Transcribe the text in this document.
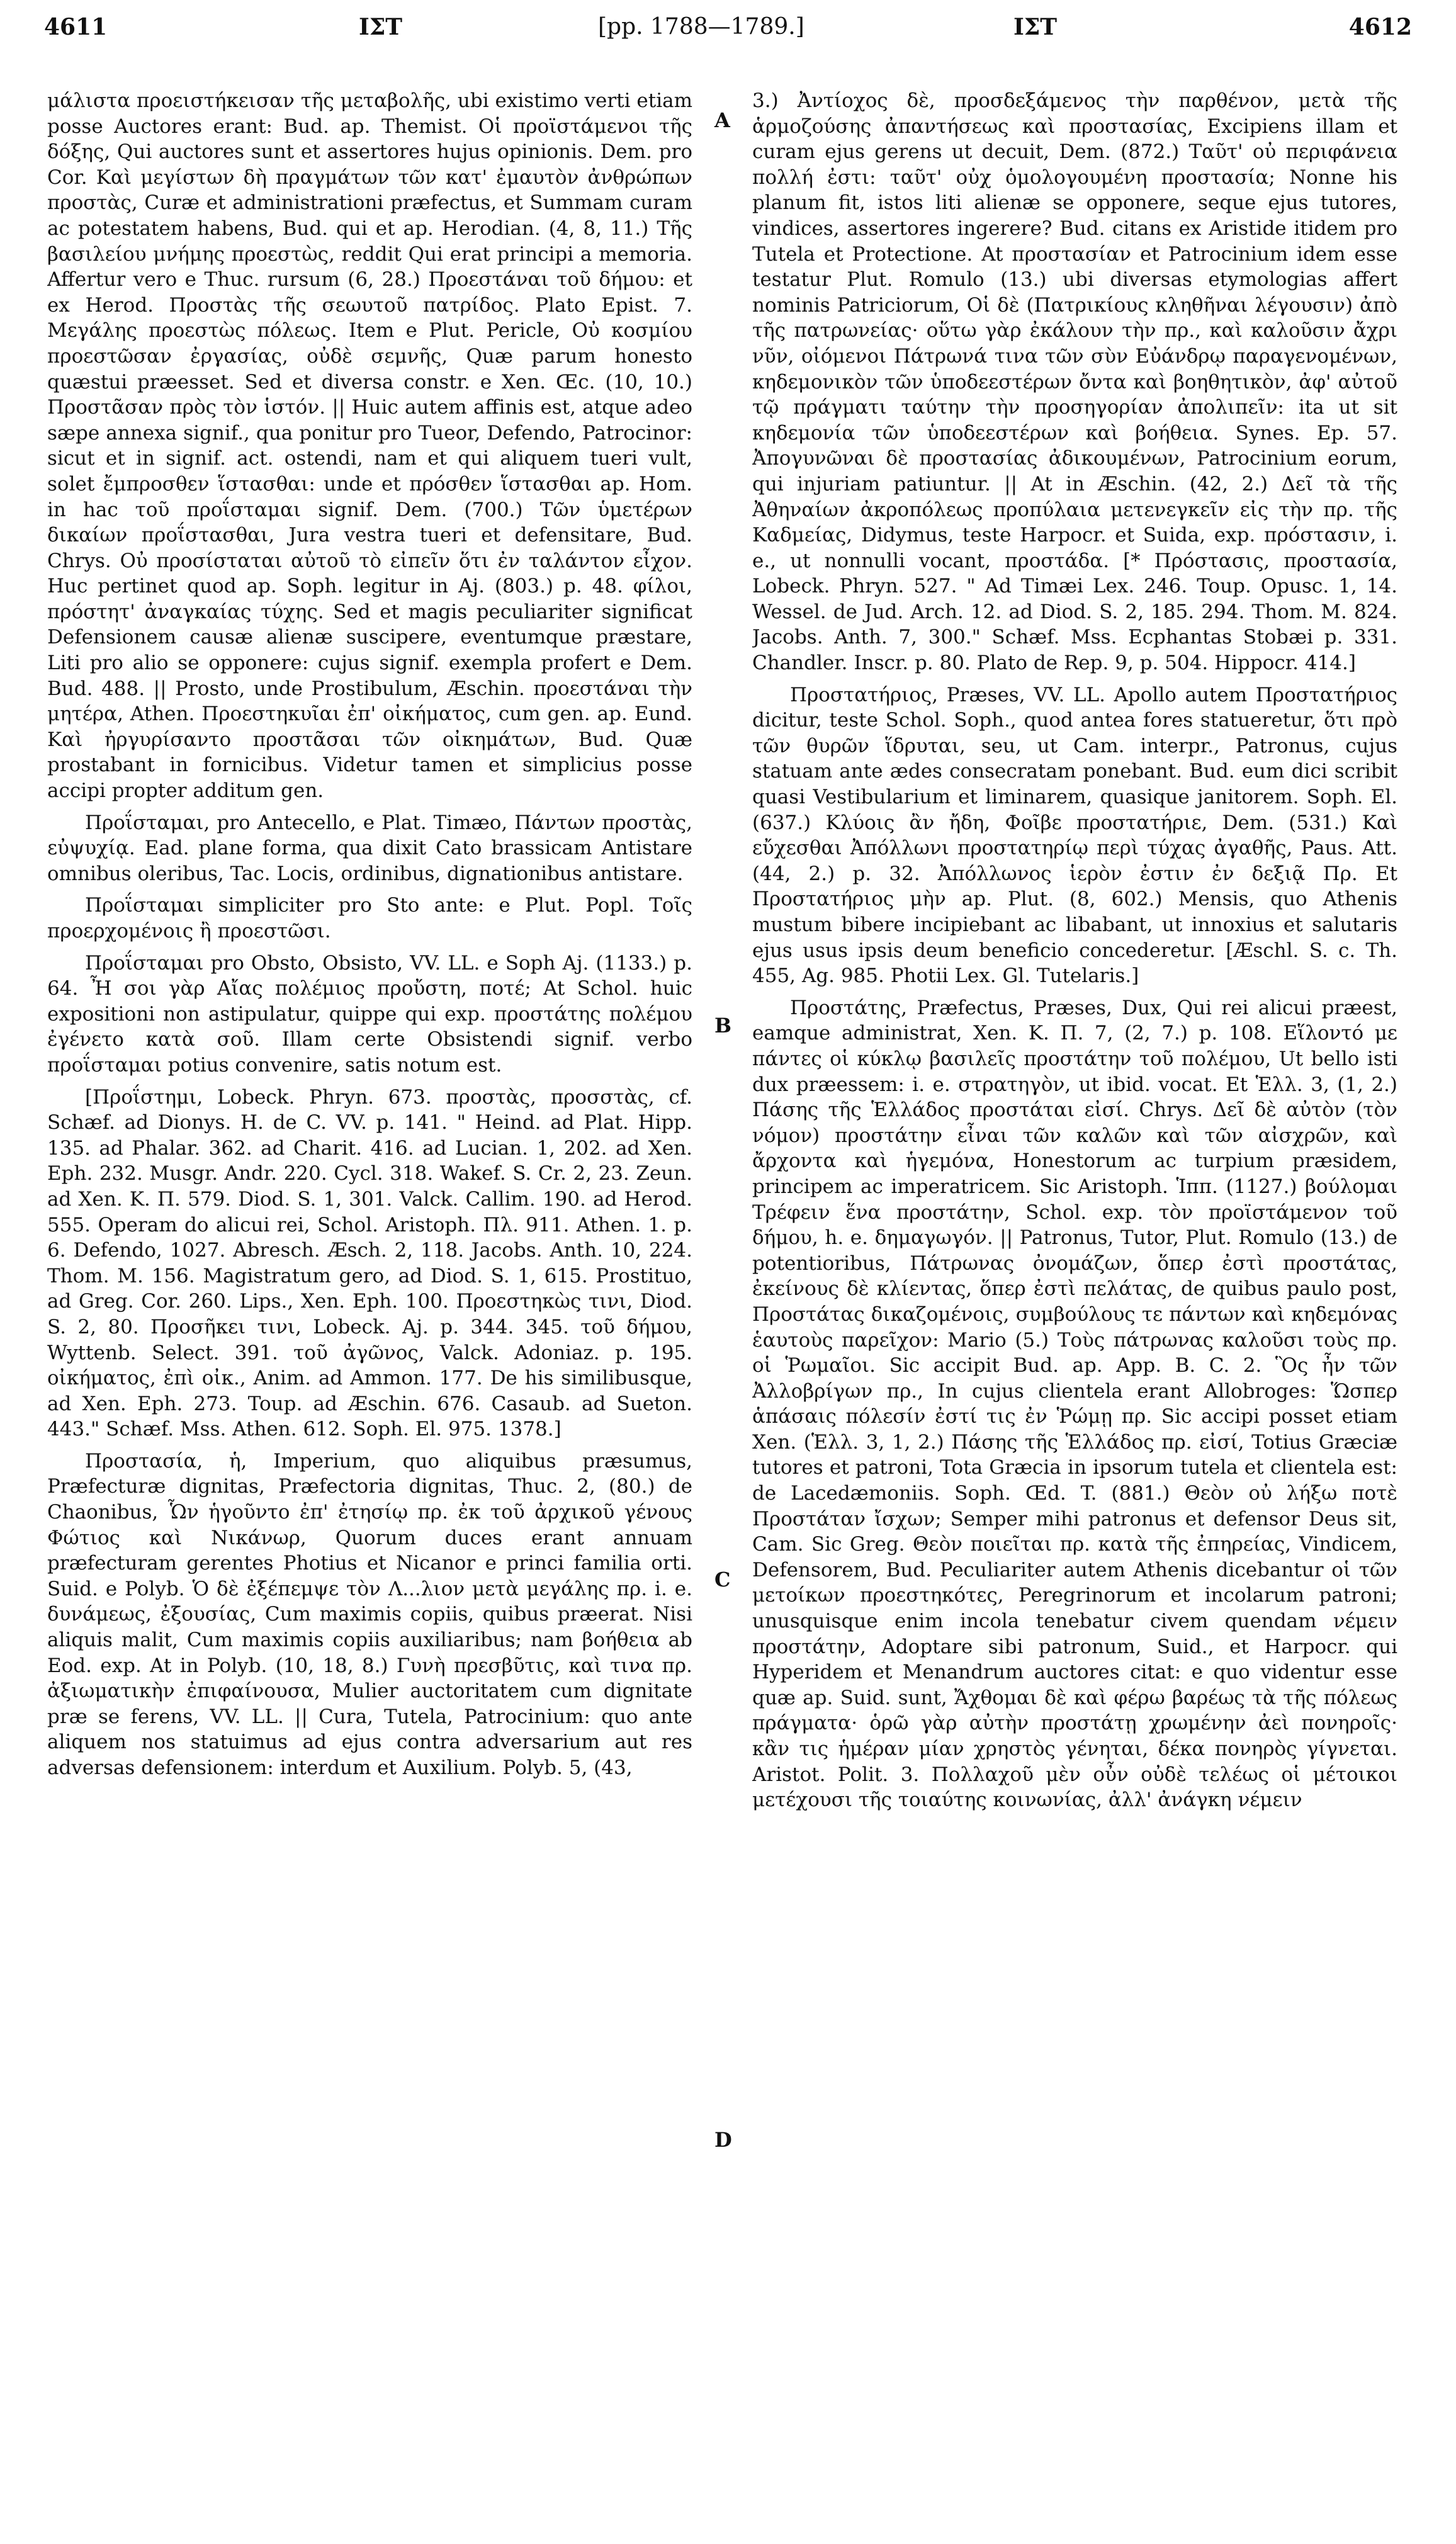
4611	ΙΣΤ	[pp. 1788—1789.]	ΙΣΤ	4612

μάλιστα προειστήκεισαν τῆς μεταβολῆς, ubi existimo verti etiam posse Auctores erant: Bud. ap. Themist. Οἱ προϊστάμενοι τῆς δόξης, Qui auctores sunt et assertores hujus opinionis. Dem. pro Cor. Καὶ μεγίστων δὴ πραγμάτων τῶν κατ' ἐμαυτὸν ἀνθρώπων προστὰς, Curæ et administrationi præfectus, et Summam curam ac potestatem habens, Bud. qui et ap. Herodian. (4, 8, 11.) Τῆς βασιλείου μνήμης προεστὼς, reddit Qui erat principi a memoria. Affertur vero e Thuc. rursum (6, 28.) Προεστάναι τοῦ δήμου: et ex Herod. Προστὰς τῆς σεωυτοῦ πατρίδος. Plato Epist. 7. Μεγάλης προεστὼς πόλεως. Item e Plut. Pericle, Οὐ κοσμίου προεστῶσαν ἐργασίας, οὐδὲ σεμνῆς, Quæ parum honesto quæstui præesset. Sed et diversa constr. e Xen. Œc. (10, 10.) Προστᾶσαν πρὸς τὸν ἱστόν. || Huic autem affinis est, atque adeo sæpe annexa signif., qua ponitur pro Tueor, Defendo, Patrocinor: sicut et in signif. act. ostendi, nam et qui aliquem tueri vult, solet ἔμπροσθεν ἵστασθαι: unde et πρόσθεν ἵστασθαι ap. Hom. in hac τοῦ προΐσταμαι signif. Dem. (700.) Τῶν ὑμετέρων δικαίων προΐστασθαι, Jura vestra tueri et defensitare, Bud. Chrys. Οὐ προσίσταται αὐτοῦ τὸ εἰπεῖν ὅτι ἐν ταλάντον εἶχον. Huc pertinet quod ap. Soph. legitur in Aj. (803.) p. 48. φίλοι, πρόστητ' ἀναγκαίας τύχης. Sed et magis peculiariter significat Defensionem causæ alienæ suscipere, eventumque præstare, Liti pro alio se opponere: cujus signif. exempla profert e Dem. Bud. 488. || Prosto, unde Prostibulum, Æschin. προεστάναι τὴν μητέρα, Athen. Προεστηκυῖαι ἐπ' οἰκήματος, cum gen. ap. Eund. Καὶ ἠργυρίσαντο προστᾶσαι τῶν οἰκημάτων, Bud. Quæ prostabant in fornicibus. Videtur tamen et simplicius posse accipi propter additum gen.

Προΐσταμαι, pro Antecello, e Plat. Timæo, Πάντων προστὰς, εὐψυχίᾳ. Ead. plane forma, qua dixit Cato brassicam Antistare omnibus oleribus, Tac. Locis, ordinibus, dignationibus antistare.

Προΐσταμαι simpliciter pro Sto ante: e Plut. Popl. Τοῖς προερχομένοις ἢ προεστῶσι.

Προΐσταμαι pro Obsto, Obsisto, VV. LL. e Soph Aj. (1133.) p. 64. Ἦ σοι γὰρ Αἴας πολέμιος προὔστη, ποτέ; At Schol. huic expositioni non astipulatur, quippe qui exp. προστάτης πολέμου ἐγένετο κατὰ σοῦ. Illam certe Obsistendi signif. verbo προΐσταμαι potius convenire, satis notum est.

[Προΐστημι, Lobeck. Phryn. 673. προστὰς, προσστὰς, cf. Schæf. ad Dionys. H. de C. VV. p. 141. " Heind. ad Plat. Hipp. 135. ad Phalar. 362. ad Charit. 416. ad Lucian. 1, 202. ad Xen. Eph. 232. Musgr. Andr. 220. Cycl. 318. Wakef. S. Cr. 2, 23. Zeun. ad Xen. K. Π. 579. Diod. S. 1, 301. Valck. Callim. 190. ad Herod. 555. Operam do alicui rei, Schol. Aristoph. Πλ. 911. Athen. 1. p. 6. Defendo, 1027. Abresch. Æsch. 2, 118. Jacobs. Anth. 10, 224. Thom. M. 156. Magistratum gero, ad Diod. S. 1, 615. Prostituo, ad Greg. Cor. 260. Lips., Xen. Eph. 100. Προεστηκὼς τινι, Diod. S. 2, 80. Προσῆκει τινι, Lobeck. Aj. p. 344. 345. τοῦ δήμου, Wyttenb. Select. 391. τοῦ ἀγῶνος, Valck. Adoniaz. p. 195. οἰκήματος, ἐπὶ οἰκ., Anim. ad Ammon. 177. De his similibusque, ad Xen. Eph. 273. Toup. ad Æschin. 676. Casaub. ad Sueton. 443." Schæf. Mss. Athen. 612. Soph. El. 975. 1378.]

Προστασία, ἡ, Imperium, quo aliquibus præsumus, Præfecturæ dignitas, Præfectoria dignitas, Thuc. 2, (80.) de Chaonibus, Ὧν ἡγοῦντο ἐπ' ἐτησίῳ πρ. ἐκ τοῦ ἀρχικοῦ γένους Φώτιος καὶ Νικάνωρ, Quorum duces erant annuam præfecturam gerentes Photius et Nicanor e princi familia orti. Suid. e Polyb. Ὁ δὲ ἐξέπεμψε τὸν Λ...λιον μετὰ μεγάλης πρ. i. e. δυνάμεως, ἐξουσίας, Cum maximis copiis, quibus præerat. Nisi aliquis malit, Cum maximis copiis auxiliaribus; nam βοήθεια ab Eod. exp. At in Polyb. (10, 18, 8.) Γυνὴ πρεσβῦτις, καὶ τινα πρ. ἀξιωματικὴν ἐπιφαίνουσα, Mulier auctoritatem cum dignitate præ se ferens, VV. LL. || Cura, Tutela, Patrocinium: quo ante aliquem nos statuimus ad ejus contra adversarium aut res adversas defensionem: interdum et Auxilium. Polyb. 5, (43,

A
B
C
D

3.) Ἀντίοχος δὲ, προσδεξάμενος τὴν παρθένον, μετὰ τῆς ἁρμοζούσης ἀπαντήσεως καὶ προστασίας, Excipiens illam et curam ejus gerens ut decuit, Dem. (872.) Ταῦτ' οὐ περιφάνεια πολλή ἐστι: ταῦτ' οὐχ ὁμολογουμένη προστασία; Nonne his planum fit, istos liti alienæ se opponere, seque ejus tutores, vindices, assertores ingerere? Bud. citans ex Aristide itidem pro Tutela et Protectione. At προστασίαν et Patrocinium idem esse testatur Plut. Romulo (13.) ubi diversas etymologias affert nominis Patriciorum, Οἱ δὲ (Πατρικίους κληθῆναι λέγουσιν) ἀπὸ τῆς πατρωνείας· οὕτω γὰρ ἐκάλουν τὴν πρ., καὶ καλοῦσιν ἄχρι νῦν, οἰόμενοι Πάτρωνά τινα τῶν σὺν Εὐάνδρῳ παραγενομένων, κηδεμονικὸν τῶν ὑποδεεστέρων ὄντα καὶ βοηθητικὸν, ἀφ' αὐτοῦ τῷ πράγματι ταύτην τὴν προσηγορίαν ἀπολιπεῖν: ita ut sit κηδεμονία τῶν ὑποδεεστέρων καὶ βοήθεια. Synes. Ep. 57. Ἀπογυνῶναι δὲ προστασίας ἀδικουμένων, Patrocinium eorum, qui injuriam patiuntur. || At in Æschin. (42, 2.) Δεῖ τὰ τῆς Ἀθηναίων ἀκροπόλεως προπύλαια μετενεγκεῖν εἰς τὴν πρ. τῆς Καδμείας, Didymus, teste Harpocr. et Suida, exp. πρόστασιν, i. e., ut nonnulli vocant, προστάδα. [* Πρόστασις, προστασία, Lobeck. Phryn. 527. " Ad Timæi Lex. 246. Toup. Opusc. 1, 14. Wessel. de Jud. Arch. 12. ad Diod. S. 2, 185. 294. Thom. M. 824. Jacobs. Anth. 7, 300." Schæf. Mss. Ecphantas Stobæi p. 331. Chandler. Inscr. p. 80. Plato de Rep. 9, p. 504. Hippocr. 414.]

Προστατήριος, Præses, VV. LL. Apollo autem Προστατήριος dicitur, teste Schol. Soph., quod antea fores statueretur, ὅτι πρὸ τῶν θυρῶν ἵδρυται, seu, ut Cam. interpr., Patronus, cujus statuam ante ædes consecratam ponebant. Bud. eum dici scribit quasi Vestibularium et liminarem, quasique janitorem. Soph. El. (637.) Κλύοις ἂν ἤδη, Φοῖβε προστατήριε, Dem. (531.) Καὶ εὔχεσθαι Ἀπόλλωνι προστατηρίῳ περὶ τύχας ἀγαθῆς, Paus. Att. (44, 2.) p. 32. Ἀπόλλωνος ἱερὸν ἐστιν ἐν δεξιᾷ Πρ. Et Προστατήριος μὴν ap. Plut. (8, 602.) Mensis, quo Athenis mustum bibere incipiebant ac libabant, ut innoxius et salutaris ejus usus ipsis deum beneficio concederetur. [Æschl. S. c. Th. 455, Ag. 985. Photii Lex. Gl. Tutelaris.]

Προστάτης, Præfectus, Præses, Dux, Qui rei alicui præest, eamque administrat, Xen. K. Π. 7, (2, 7.) p. 108. Εἵλοντό με πάντες οἱ κύκλῳ βασιλεῖς προστάτην τοῦ πολέμου, Ut bello isti dux præessem: i. e. στρατηγὸν, ut ibid. vocat. Et Ἑλλ. 3, (1, 2.) Πάσης τῆς Ἑλλάδος προστάται εἰσί. Chrys. Δεῖ δὲ αὐτὸν (τὸν νόμον) προστάτην εἶναι τῶν καλῶν καὶ τῶν αἰσχρῶν, καὶ ἄρχοντα καὶ ἡγεμόνα, Honestorum ac turpium præsidem, principem ac imperatricem. Sic Aristoph. Ἱππ. (1127.) βούλομαι Τρέφειν ἕνα προστάτην, Schol. exp. τὸν προϊστάμενον τοῦ δήμου, h. e. δημαγωγόν. || Patronus, Tutor, Plut. Romulo (13.) de potentioribus, Πάτρωνας ὀνομάζων, ὅπερ ἐστὶ προστάτας, ἐκείνους δὲ κλίεντας, ὅπερ ἐστὶ πελάτας, de quibus paulo post, Προστάτας δικαζομένοις, συμβούλους τε πάντων καὶ κηδεμόνας ἑαυτοὺς παρεῖχον: Mario (5.) Τοὺς πάτρωνας καλοῦσι τοὺς πρ. οἱ Ῥωμαῖοι. Sic accipit Bud. ap. App. B. C. 2. Ὃς ἦν τῶν Ἀλλοβρίγων πρ., In cujus clientela erant Allobroges: Ὥσπερ ἁπάσαις πόλεσίν ἐστί τις ἐν Ῥώμῃ πρ. Sic accipi posset etiam Xen. (Ἑλλ. 3, 1, 2.) Πάσης τῆς Ἑλλάδος πρ. εἰσί, Totius Græciæ tutores et patroni, Tota Græcia in ipsorum tutela et clientela est: de Lacedæmoniis. Soph. Œd. T. (881.) Θεὸν οὐ λήξω ποτὲ Προστάταν ἴσχων; Semper mihi patronus et defensor Deus sit, Cam. Sic Greg. Θεὸν ποιεῖται πρ. κατὰ τῆς ἐπηρείας, Vindicem, Defensorem, Bud. Peculiariter autem Athenis dicebantur οἱ τῶν μετοίκων προεστηκότες, Peregrinorum et incolarum patroni; unusquisque enim incola tenebatur civem quendam νέμειν προστάτην, Adoptare sibi patronum, Suid., et Harpocr. qui Hyperidem et Menandrum auctores citat: e quo videntur esse quæ ap. Suid. sunt, Ἄχθομαι δὲ καὶ φέρω βαρέως τὰ τῆς πόλεως πράγματα· ὁρῶ γὰρ αὐτὴν προστάτῃ χρωμένην ἀεὶ πονηροῖς· κἂν τις ἡμέραν μίαν χρηστὸς γένηται, δέκα πονηρὸς γίγνεται. Aristot. Polit. 3. Πολλαχοῦ μὲν οὖν οὐδὲ τελέως οἱ μέτοικοι μετέχουσι τῆς τοιαύτης κοινωνίας, ἀλλ' ἀνάγκη νέμειν
